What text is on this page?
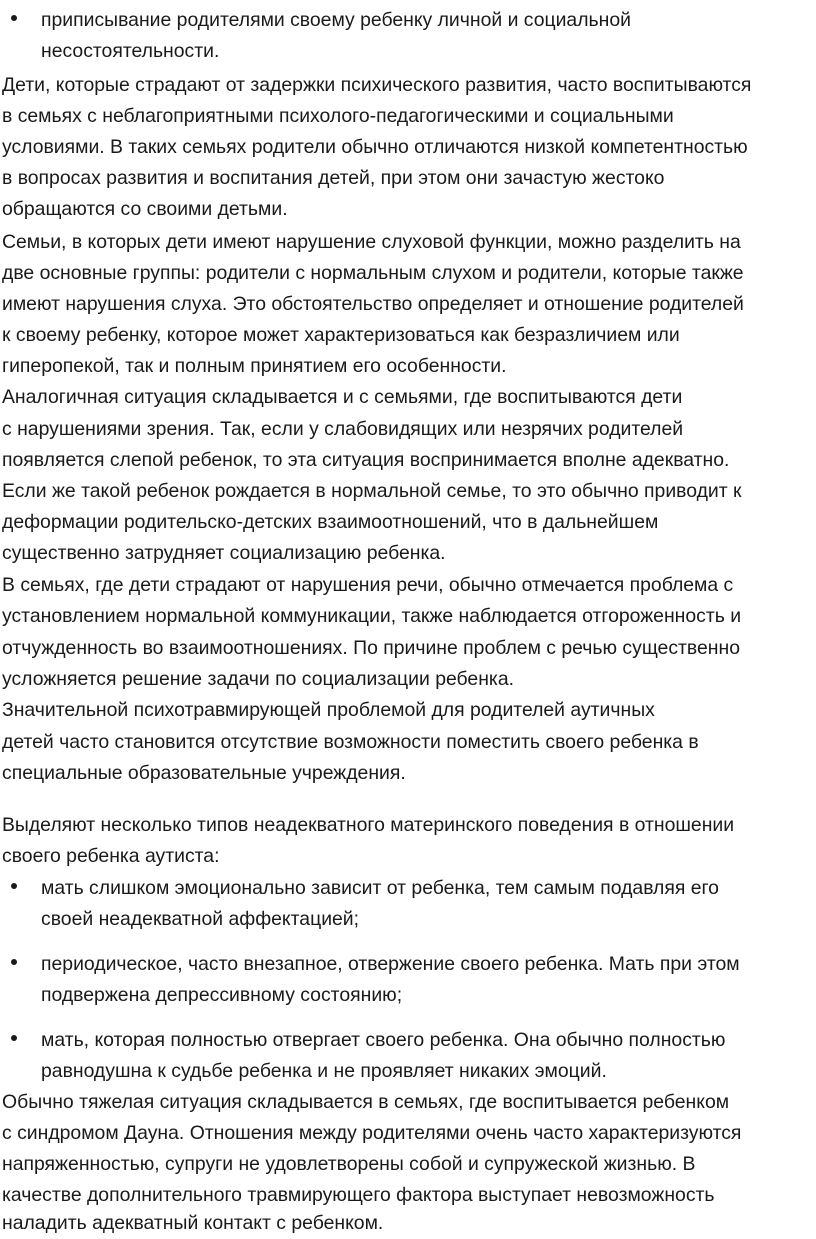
приписывание родителями своему ребенку личной и социальной
несостоятельности.
Дети, которые страдают от задержки психического развития, часто воспитываются
в семьях с неблагоприятными психолого-педагогическими и социальными
условиями. В таких семьях родители обычно отличаются низкой компетентностью
в вопросах развития и воспитания детей, при этом они зачастую жестоко
обращаются со своими детьми.
Семьи, в которых дети имеют нарушение слуховой функции, можно разделить на
две основные группы: родители с нормальным слухом и родители, которые также
имеют нарушения слуха. Это обстоятельство определяет и отношение родителей
к своему ребенку, которое может характеризоваться как безразличием или
гиперопекой, так и полным принятием его особенности.
Аналогичная ситуация складывается и с семьями, где воспитываются дети
с нарушениями зрения. Так, если у слабовидящих или незрячих родителей
появляется слепой ребенок, то эта ситуация воспринимается вполне адекватно.
Если же такой ребенок рождается в нормальной семье, то это обычно приводит к
деформации родительско-детских взаимоотношений, что в дальнейшем
существенно затрудняет социализацию ребенка.
В семьях, где дети страдают от нарушения речи, обычно отмечается проблема с
установлением нормальной коммуникации, также наблюдается отгороженность и
отчужденность во взаимоотношениях. По причине проблем с речью существенно
усложняется решение задачи по социализации ребенка.
Значительной психотравмирующей проблемой для родителей аутичных
детей часто становится отсутствие возможности поместить своего ребенка в
специальные образовательные учреждения.
Выделяют несколько типов неадекватного материнского поведения в отношении
своего ребенка аутиста:
мать слишком эмоционально зависит от ребенка, тем самым подавляя его
своей неадекватной аффектацией;
периодическое, часто внезапное, отвержение своего ребенка. Мать при этом
подвержена депрессивному состоянию;
мать, которая полностью отвергает своего ребенка. Она обычно полностью
равнодушна к судьбе ребенка и не проявляет никаких эмоций.
Обычно тяжелая ситуация складывается в семьях, где воспитывается ребенком
с синдромом Дауна. Отношения между родителями очень часто характеризуются
напряженностью, супруги не удовлетворены собой и супружеской жизнью. В
качестве дополнительного травмирующего фактора выступает невозможность
наладить адекватный контакт с ребенком.
